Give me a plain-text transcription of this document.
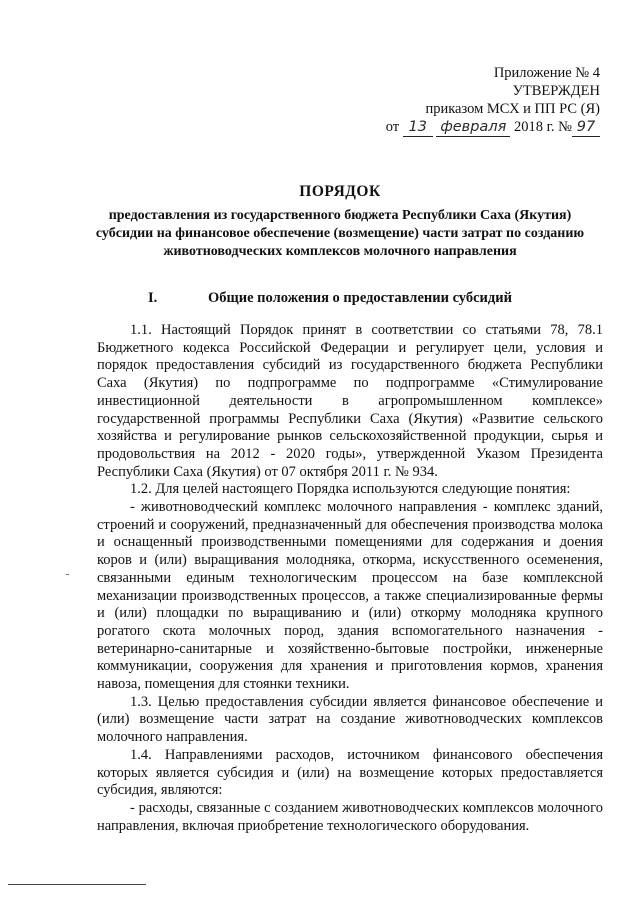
Приложение № 4
УТВЕРЖДЕН
приказом МСХ и ПП РС (Я)
от 13 февраля 2018 г. № 97
ПОРЯДОК
предоставления из государственного бюджета Республики Саха (Якутия) субсидии на финансовое обеспечение (возмещение) части затрат по созданию животноводческих комплексов молочного направления
I.	Общие положения о предоставлении субсидий

1.1. Настоящий Порядок принят в соответствии со статьями 78, 78.1 Бюджетного кодекса Российской Федерации и регулирует цели, условия и порядок предоставления субсидий из государственного бюджета Республики Саха (Якутия) по подпрограмме по подпрограмме «Стимулирование инвестиционной деятельности в агропромышленном комплексе» государственной программы Республики Саха (Якутия) «Развитие сельского хозяйства и регулирование рынков сельскохозяйственной продукции, сырья и продовольствия на 2012 - 2020 годы», утвержденной Указом Президента Республики Саха (Якутия) от 07 октября 2011 г. № 934.

1.2. Для целей настоящего Порядка используются следующие понятия:

- животноводческий комплекс молочного направления - комплекс зданий, строений и сооружений, предназначенный для обеспечения производства молока и оснащенный производственными помещениями для содержания и доения коров и (или) выращивания молодняка, откорма, искусственного осеменения, связанными единым технологическим процессом на базе комплексной механизации производственных процессов, а также специализированные фермы и (или) площадки по выращиванию и (или) откорму молодняка крупного рогатого скота молочных пород, здания вспомогательного назначения - ветеринарно-санитарные и хозяйственно-бытовые постройки, инженерные коммуникации, сооружения для хранения и приготовления кормов, хранения навоза, помещения для стоянки техники.

1.3. Целью предоставления субсидии является финансовое обеспечение и (или) возмещение части затрат на создание животноводческих комплексов молочного направления.

1.4. Направлениями расходов, источником финансового обеспечения которых является субсидия и (или) на возмещение которых предоставляется субсидия, являются:

- расходы, связанные с созданием животноводческих комплексов молочного направления, включая приобретение технологического оборудования.
